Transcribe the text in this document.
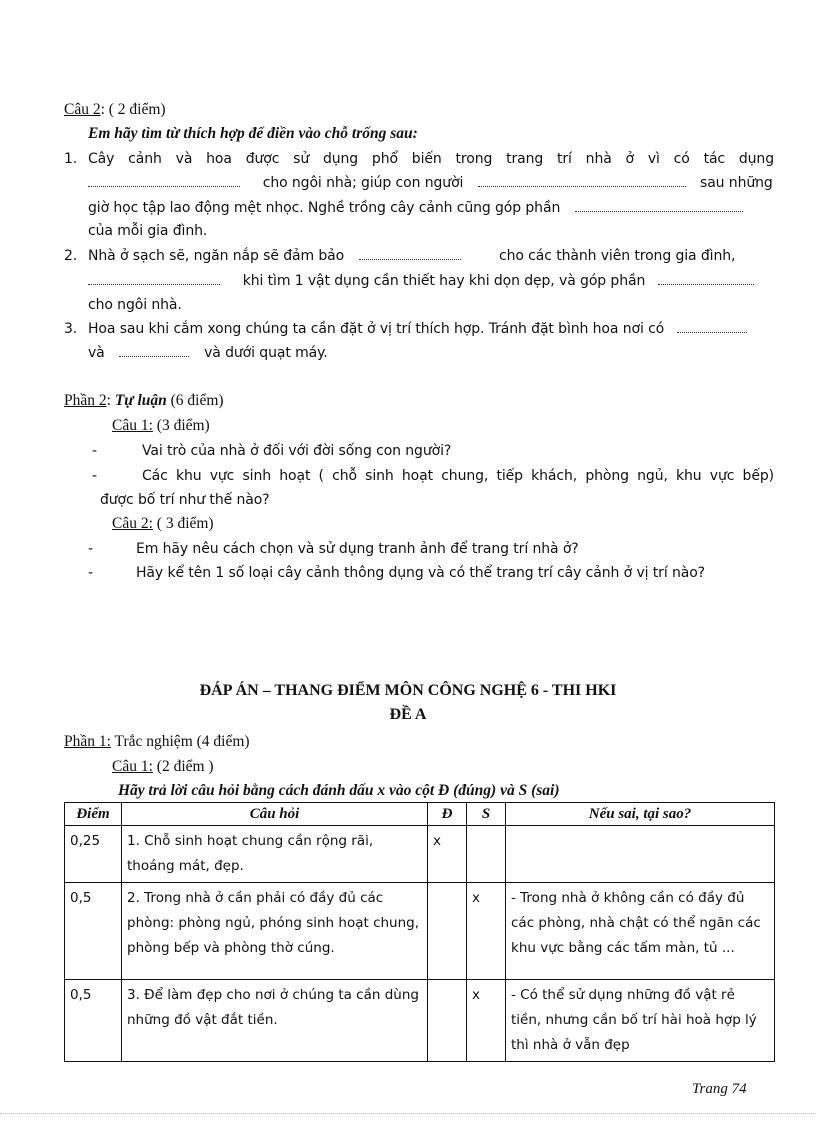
Câu 2: ( 2 điểm)
Em hãy tìm từ thích hợp để điền vào chỗ trống sau:
1. Cây cảnh và hoa được sử dụng phổ biến trong trang trí nhà ở vì có tác dụng
cho ngôi nhà; giúp con người	sau những
giờ học tập lao động mệt nhọc. Nghề trồng cây cảnh cũng góp phần
của mỗi gia đình.
2. Nhà ở sạch sẽ, ngăn nắp sẽ đảm bảo	cho các thành viên trong gia đình,
khi tìm 1 vật dụng cần thiết hay khi dọn dẹp, và góp phần
cho ngôi nhà.
3. Hoa sau khi cắm xong chúng ta cần đặt ở vị trí thích hợp. Tránh đặt bình hoa nơi có
và	và dưới quạt máy.
Phần 2: Tự luận (6 điểm)
Câu 1: (3 điểm)
-	Vai trò của nhà ở đối với đời sống con người?
-	Các khu vực sinh hoạt ( chỗ sinh hoạt chung, tiếp khách, phòng ngủ, khu vực bếp)
được bố trí như thế nào?
Câu 2: ( 3 điểm)
-	Em hãy nêu cách chọn và sử dụng tranh ảnh để trang trí nhà ở?
-	Hãy kể tên 1 số loại cây cảnh thông dụng và có thể trang trí cây cảnh ở vị trí nào?
ĐÁP ÁN – THANG ĐIỂM MÔN CÔNG NGHỆ 6 - THI HKI
ĐỀ A
Phần 1: Trắc nghiệm (4 điểm)
Câu 1: (2 điểm )
Hãy trả lời câu hỏi bằng cách đánh dấu x vào cột Đ (đúng) và S (sai)
Điểm	Câu hỏi	Đ	S	Nếu sai, tại sao?
0,25	1. Chỗ sinh hoạt chung cần rộng rãi, thoáng mát, đẹp.	x		
0,5	2. Trong nhà ở cần phải có đầy đủ các phòng: phòng ngủ, phóng sinh hoạt chung, phòng bếp và phòng thờ cúng.		x	- Trong nhà ở không cần có đầy đủ các phòng, nhà chật có thể ngăn các khu vực bằng các tấm màn, tủ ...
0,5	3. Để làm đẹp cho nơi ở chúng ta cần dùng những đồ vật đắt tiền.		x	- Có thể sử dụng những đồ vật rẻ tiền, nhưng cần bố trí hài hoà hợp lý thì nhà ở vẫn đẹp
Trang 74
